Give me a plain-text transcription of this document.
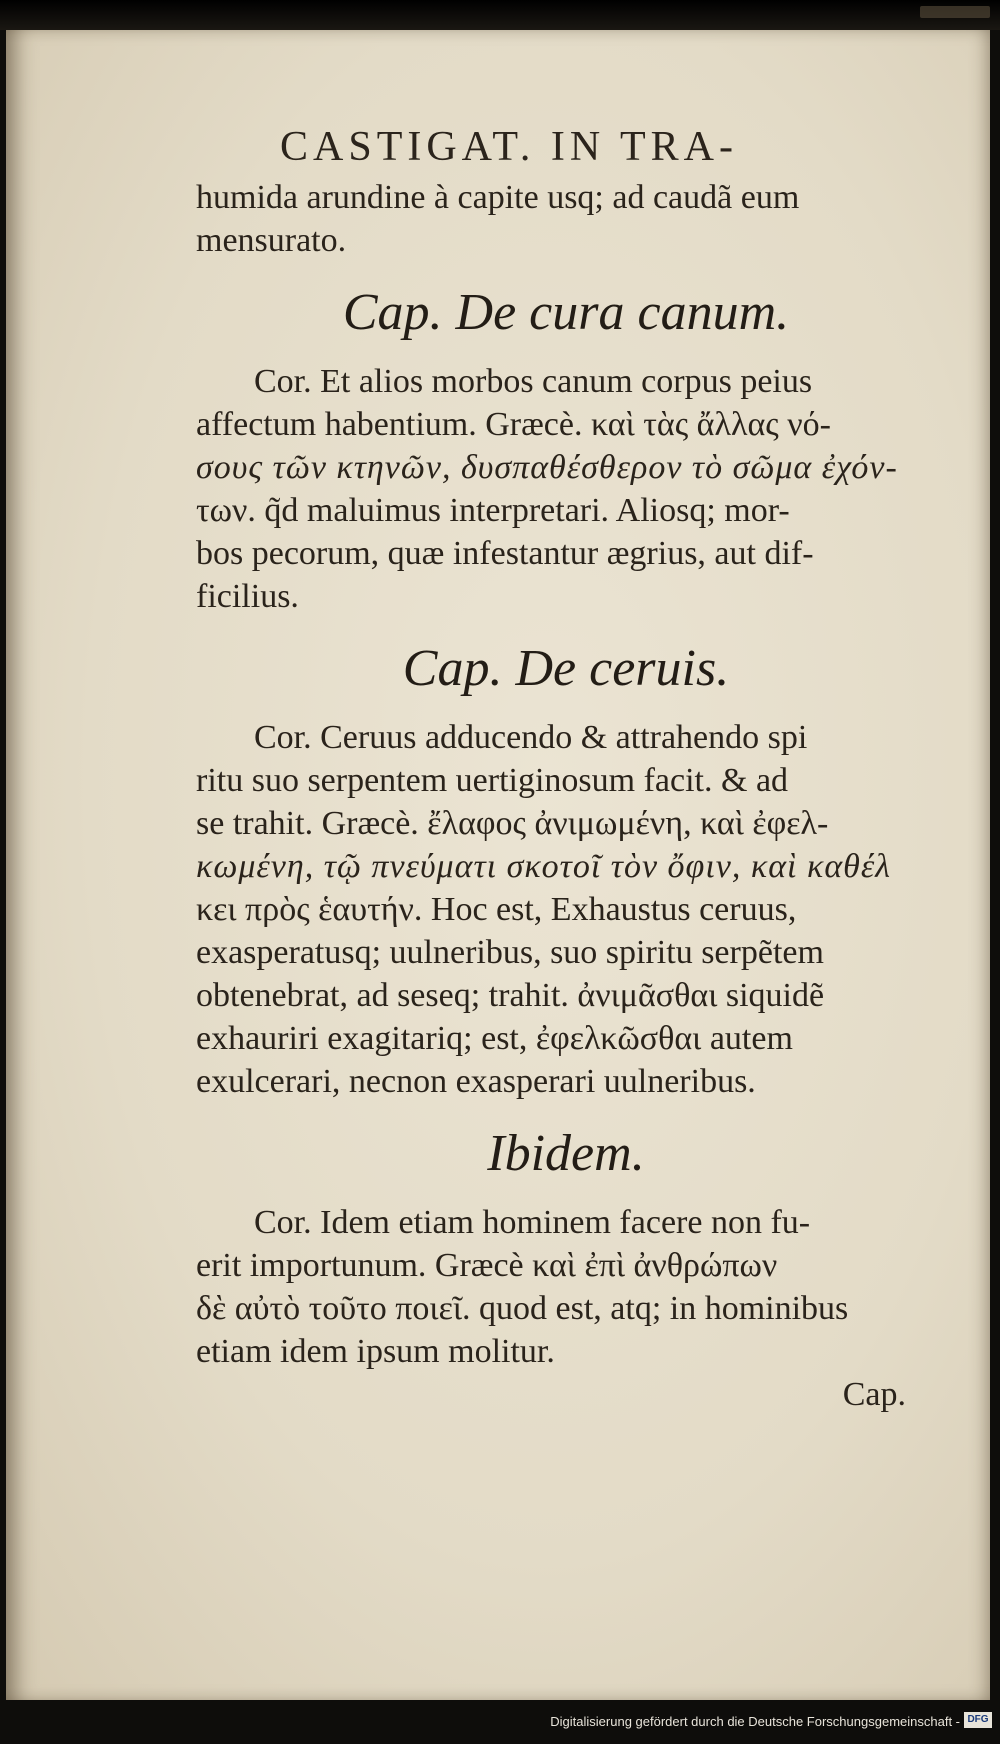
CASTIGAT. IN TRA-

humida arundine à capite usq; ad caudã eum
mensurato.

Cap. De cura canum.

Cor. Et alios morbos canum corpus peius
affectum habentium. Græcè. καὶ τὰς ἄλλας νό-
σους τῶν κτηνῶν, δυσπαθέσθερον τὸ σῶμα ἐχόν-
των. q̃d maluimus interpretari. Aliosq; mor-
bos pecorum, quæ infestantur ægrius, aut dif-
ficilius.

Cap. De ceruis.

Cor. Ceruus adducendo & attrahendo spi
ritu suo serpentem uertiginosum facit. & ad
se trahit. Græcè. ἔλαφος ἀνιμωμένη, καὶ ἐφελ-
κωμένη, τῷ πνεύματι σκοτοῖ τὸν ὄφιν, καὶ καθέλ
κει πρὸς ἑαυτήν. Hoc est, Exhaustus ceruus,
exasperatusq; uulneribus, suo spiritu serpẽtem
obtenebrat, ad seseq; trahit. ἀνιμᾶσθαι siquidẽ
exhauriri exagitariq; est, ἐφελκῶσθαι autem
exulcerari, necnon exasperari uulneribus.

Ibidem.

Cor. Idem etiam hominem facere non fu-
erit importunum. Græcè καὶ ἐπὶ ἀνθρώπων
δὲ αὐτὸ τοῦτο ποιεῖ. quod est, atq; in hominibus
etiam idem ipsum molitur.

Cap.
Digitalisierung gefördert durch die Deutsche Forschungsgemeinschaft - DFG
